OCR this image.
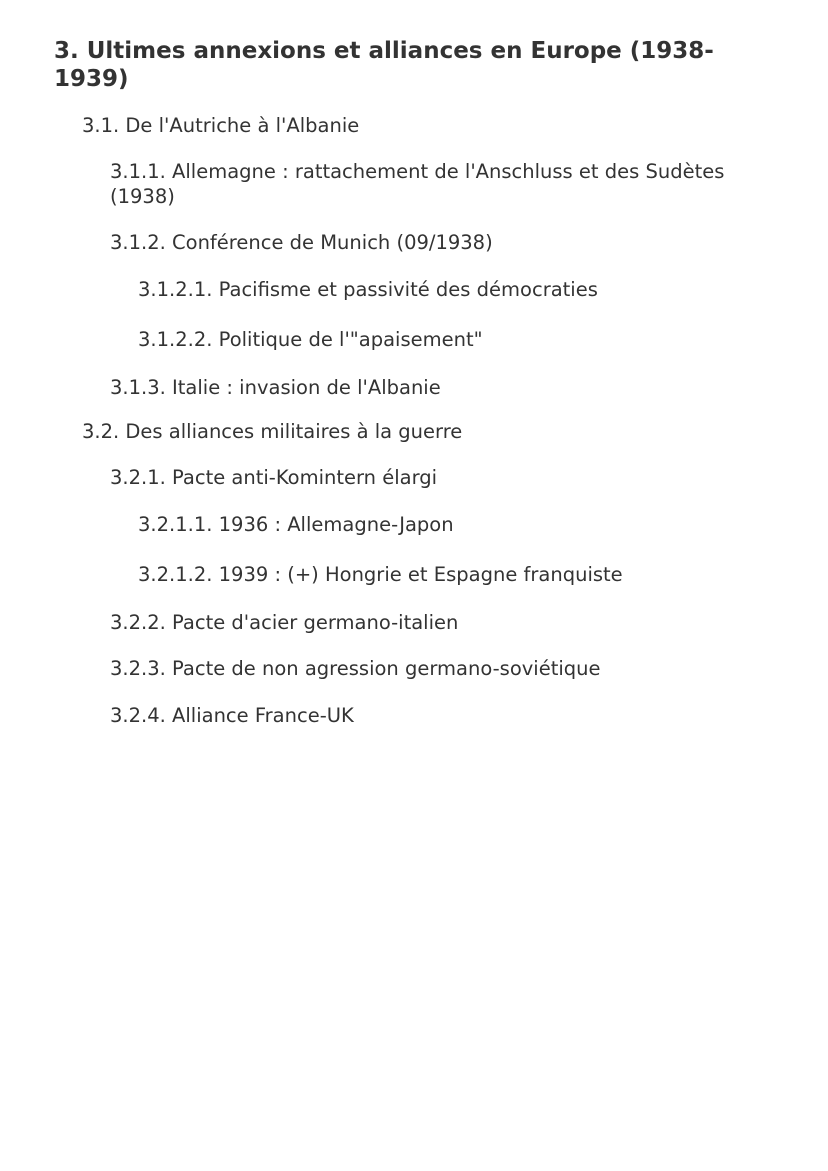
3. Ultimes annexions et alliances en Europe (1938-1939)

3.1. De l'Autriche à l'Albanie

3.1.1. Allemagne : rattachement de l'Anschluss et des Sudètes (1938)

3.1.2. Conférence de Munich (09/1938)

3.1.2.1. Pacifisme et passivité des démocraties

3.1.2.2. Politique de l'"apaisement"

3.1.3. Italie : invasion de l'Albanie

3.2. Des alliances militaires à la guerre

3.2.1. Pacte anti-Komintern élargi

3.2.1.1. 1936 : Allemagne-Japon

3.2.1.2. 1939 : (+) Hongrie et Espagne franquiste

3.2.2. Pacte d'acier germano-italien

3.2.3. Pacte de non agression germano-soviétique

3.2.4. Alliance France-UK
